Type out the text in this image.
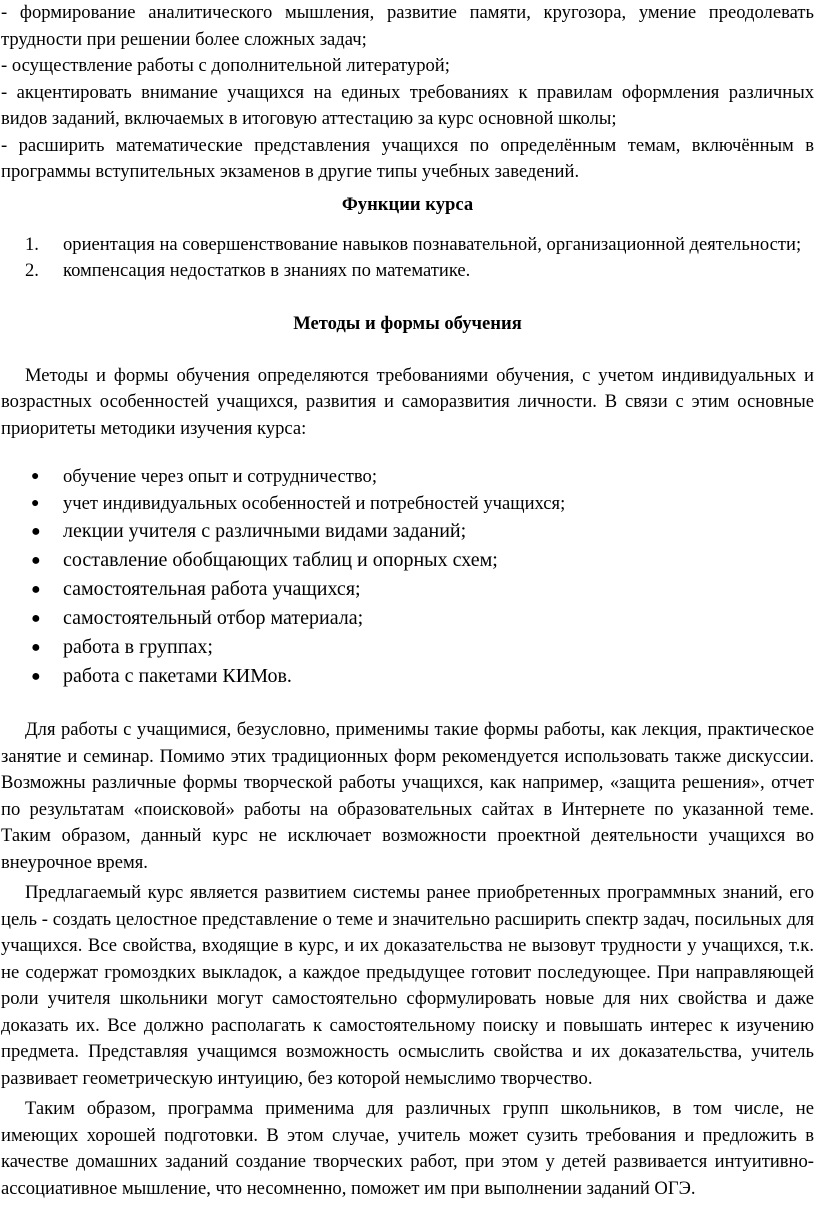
- формирование аналитического мышления, развитие памяти, кругозора, умение преодолевать трудности при решении более сложных задач;

- осуществление работы с дополнительной литературой;

- акцентировать внимание учащихся на единых требованиях к правилам оформления различных видов заданий, включаемых в итоговую аттестацию за курс основной школы;

- расширить математические представления учащихся по определённым темам, включённым в программы вступительных экзаменов в другие типы учебных заведений.

Функции курса

1. ориентация на совершенствование навыков познавательной, организационной деятельности;

2. компенсация недостатков в знаниях по математике.

Методы и формы обучения

Методы и формы обучения определяются требованиями обучения, с учетом индивидуальных и возрастных особенностей учащихся, развития и саморазвития личности. В связи с этим основные приоритеты методики изучения курса:

● обучение через опыт и сотрудничество;
● учет индивидуальных особенностей и потребностей учащихся;
● лекции учителя с различными видами заданий;
● составление обобщающих таблиц и опорных схем;
● самостоятельная работа учащихся;
● самостоятельный отбор материала;
● работа в группах;
● работа с пакетами КИМов.

Для работы с учащимися, безусловно, применимы такие формы работы, как лекция, практическое занятие и семинар. Помимо этих традиционных форм рекомендуется использовать также дискуссии. Возможны различные формы творческой работы учащихся, как например, «защита решения», отчет по результатам «поисковой» работы на образовательных сайтах в Интернете по указанной теме. Таким образом, данный курс не исключает возможности проектной деятельности учащихся во внеурочное время.

Предлагаемый курс является развитием системы ранее приобретенных программных знаний, его цель - создать целостное представление о теме и значительно расширить спектр задач, посильных для учащихся. Все свойства, входящие в курс, и их доказательства не вызовут трудности у учащихся, т.к. не содержат громоздких выкладок, а каждое предыдущее готовит последующее. При направляющей роли учителя школьники могут самостоятельно сформулировать новые для них свойства и даже доказать их. Все должно располагать к самостоятельному поиску и повышать интерес к изучению предмета. Представляя учащимся возможность осмыслить свойства и их доказательства, учитель развивает геометрическую интуицию, без которой немыслимо творчество.

Таким образом, программа применима для различных групп школьников, в том числе, не имеющих хорошей подготовки. В этом случае, учитель может сузить требования и предложить в качестве домашних заданий создание творческих работ, при этом у детей развивается интуитивно-ассоциативное мышление, что несомненно, поможет им при выполнении заданий ОГЭ.
